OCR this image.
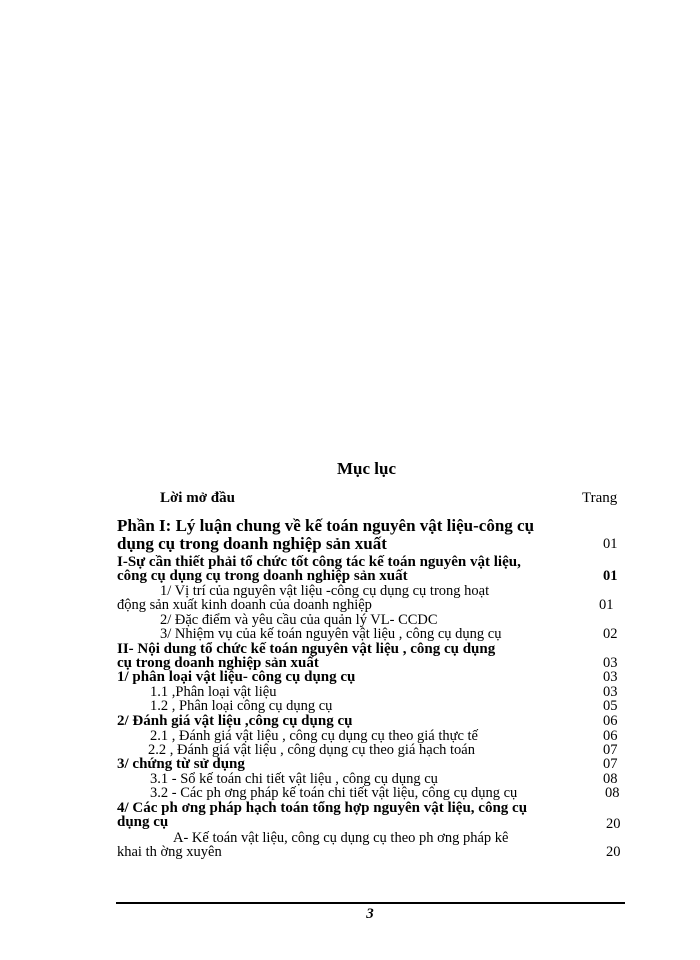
Mục lục
Lời mở đầu	Trang
Phần I: Lý luận chung về kế toán nguyên vật liệu-công cụ
dụng cụ trong doanh nghiệp sản xuất	01
I-Sự cần thiết phải tổ chức tốt công tác kế toán nguyên vật liệu,
công cụ dụng cụ trong doanh nghiệp sản xuất	01
1/ Vị trí của nguyên vật liệu -công cụ dụng cụ trong hoạt
động sản xuất kinh doanh của doanh nghiệp	01
2/ Đặc điểm và yêu cầu của quản lý VL- CCDC
3/ Nhiệm vụ của kế toán nguyên vật liệu , công cụ dụng cụ	02
II- Nội dung tổ chức kế toán nguyên vật liệu , công cụ dụng
cụ trong doanh nghiệp sản xuất	03
1/ phân loại vật liệu- công cụ dụng cụ	03
1.1 ,Phân loại vật liệu	03
1.2 , Phân loại công cụ dụng cụ	05
2/ Đánh giá vật liệu ,công cụ dụng cụ	06
2.1 , Đánh giá vật liệu , công cụ dụng cụ theo giá thực tế	06
2.2 , Đánh giá vật liệu , công dụng cụ theo giá hạch toán	07
3/ chứng từ sử dụng	07
3.1 - Sổ kế toán chi tiết vật liệu , công cụ dụng cụ	08
3.2 - Các ph ơng pháp kế toán chi tiết vật liệu, công cụ dụng cụ	08
4/ Các ph ơng pháp hạch toán tổng hợp nguyên vật liệu, công cụ
dụng cụ	20
A- Kế toán vật liệu, công cụ dụng cụ theo ph ơng pháp kê
khai th ờng xuyên	20
3
